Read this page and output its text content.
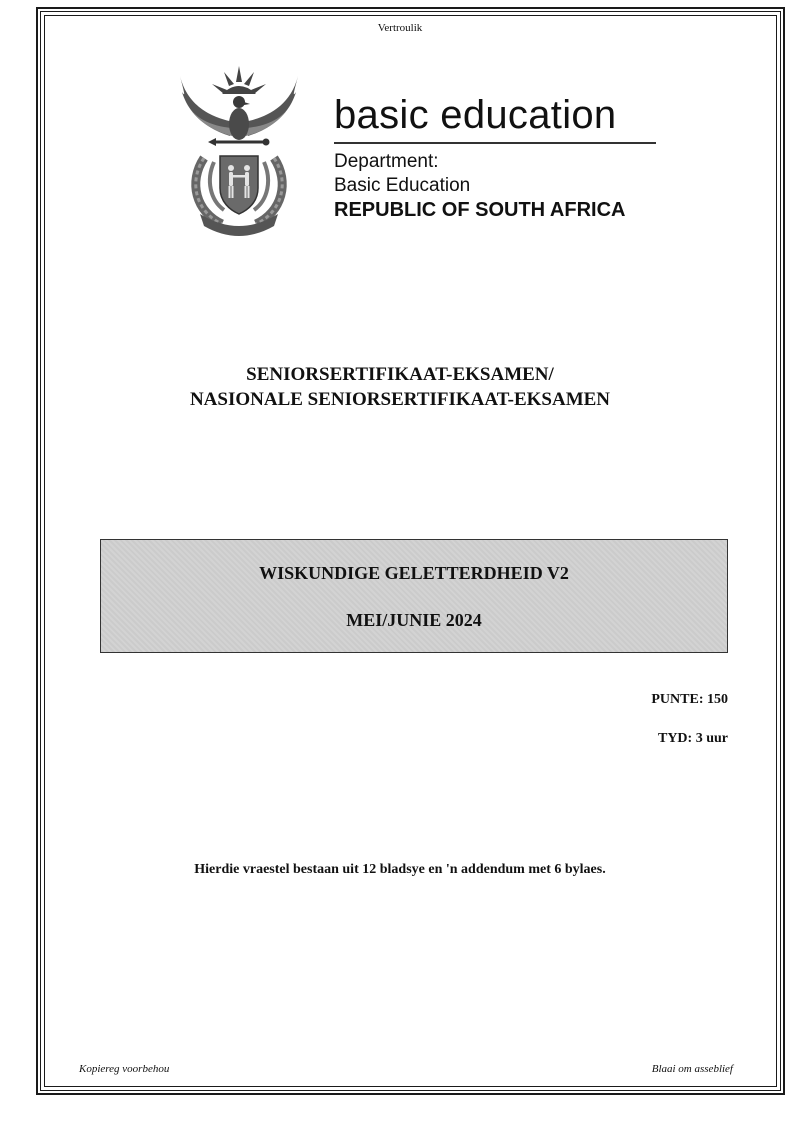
Vertroulik
basic education
Department:
Basic Education
REPUBLIC OF SOUTH AFRICA
SENIORSERTIFIKAAT-EKSAMEN/
NASIONALE SENIORSERTIFIKAAT-EKSAMEN
WISKUNDIGE GELETTERDHEID V2
MEI/JUNIE 2024
PUNTE: 150
TYD: 3 uur
Hierdie vraestel bestaan uit 12 bladsye en 'n addendum met 6 bylaes.
Kopiereg voorbehou	Blaai om asseblief
